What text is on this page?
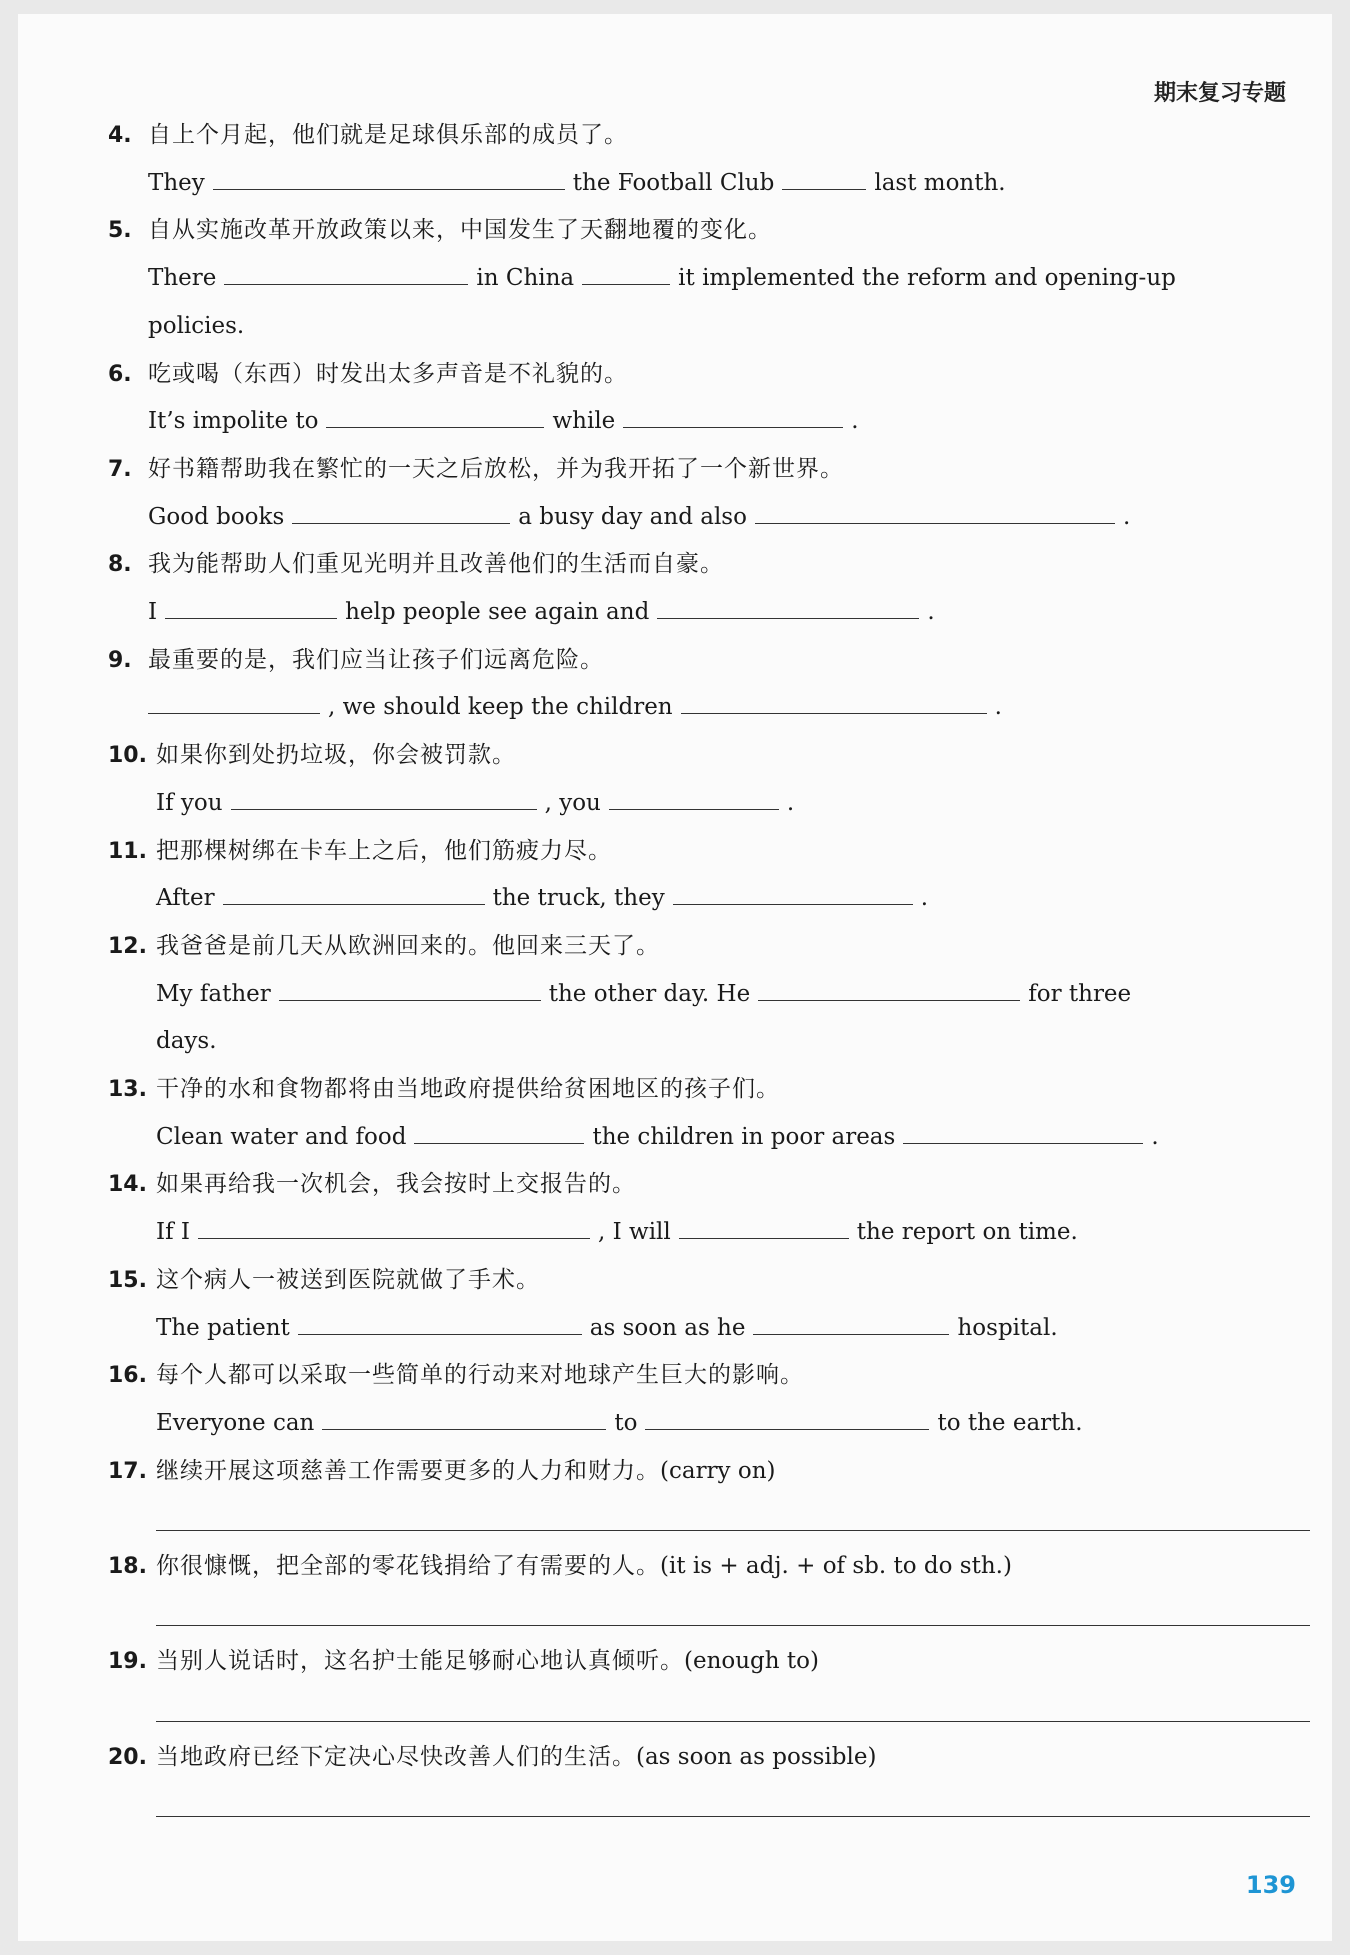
期末复习专题
4. 自上个月起，他们就是足球俱乐部的成员了。
They	the Football Club	last month.
5. 自从实施改革开放政策以来，中国发生了天翻地覆的变化。
There	in China	it implemented the reform and opening-up
policies.
6. 吃或喝（东西）时发出太多声音是不礼貌的。
It’s impolite to	while	.
7. 好书籍帮助我在繁忙的一天之后放松，并为我开拓了一个新世界。
Good books	a busy day and also	.
8. 我为能帮助人们重见光明并且改善他们的生活而自豪。
I	help people see again and	.
9. 最重要的是，我们应当让孩子们远离危险。
, we should keep the children	.
10. 如果你到处扔垃圾，你会被罚款。
If you	, you	.
11. 把那棵树绑在卡车上之后，他们筋疲力尽。
After	the truck, they	.
12. 我爸爸是前几天从欧洲回来的。他回来三天了。
My father	the other day. He	for three
days.
13. 干净的水和食物都将由当地政府提供给贫困地区的孩子们。
Clean water and food	the children in poor areas	.
14. 如果再给我一次机会，我会按时上交报告的。
If I	, I will	the report on time.
15. 这个病人一被送到医院就做了手术。
The patient	as soon as he	hospital.
16. 每个人都可以采取一些简单的行动来对地球产生巨大的影响。
Everyone can	to	to the earth.
17. 继续开展这项慈善工作需要更多的人力和财力。(carry on)
18. 你很慷慨，把全部的零花钱捐给了有需要的人。(it is + adj. + of sb. to do sth.)
19. 当别人说话时，这名护士能足够耐心地认真倾听。(enough to)
20. 当地政府已经下定决心尽快改善人们的生活。(as soon as possible)
139
